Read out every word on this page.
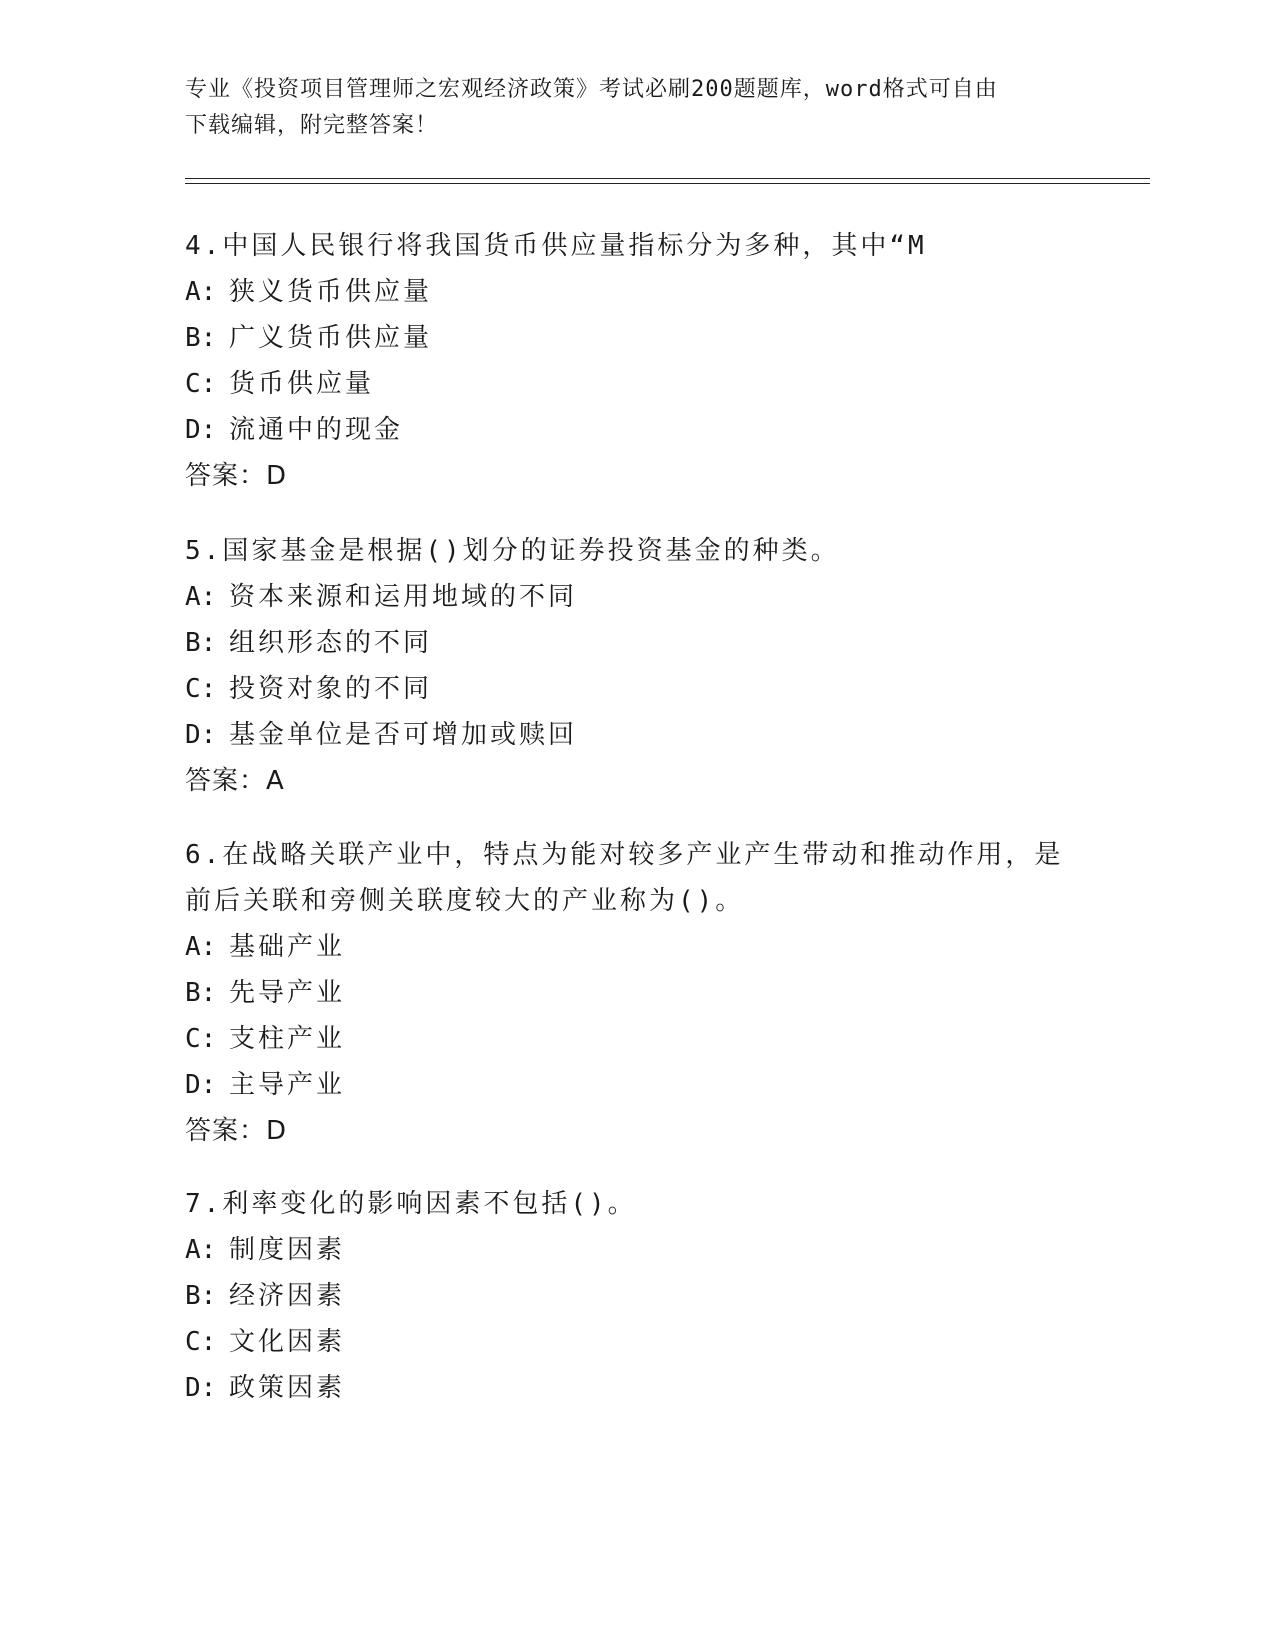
专业《投资项目管理师之宏观经济政策》考试必刷200题题库，word格式可自由
下载编辑，附完整答案！
4.中国人民银行将我国货币供应量指标分为多种，其中“M
A: 狭义货币供应量
B: 广义货币供应量
C: 货币供应量
D: 流通中的现金
答案：D
5.国家基金是根据()划分的证券投资基金的种类。
A: 资本来源和运用地域的不同
B: 组织形态的不同
C: 投资对象的不同
D: 基金单位是否可增加或赎回
答案：A
6.在战略关联产业中，特点为能对较多产业产生带动和推动作用，是
前后关联和旁侧关联度较大的产业称为()。
A: 基础产业
B: 先导产业
C: 支柱产业
D: 主导产业
答案：D
7.利率变化的影响因素不包括()。
A: 制度因素
B: 经济因素
C: 文化因素
D: 政策因素
